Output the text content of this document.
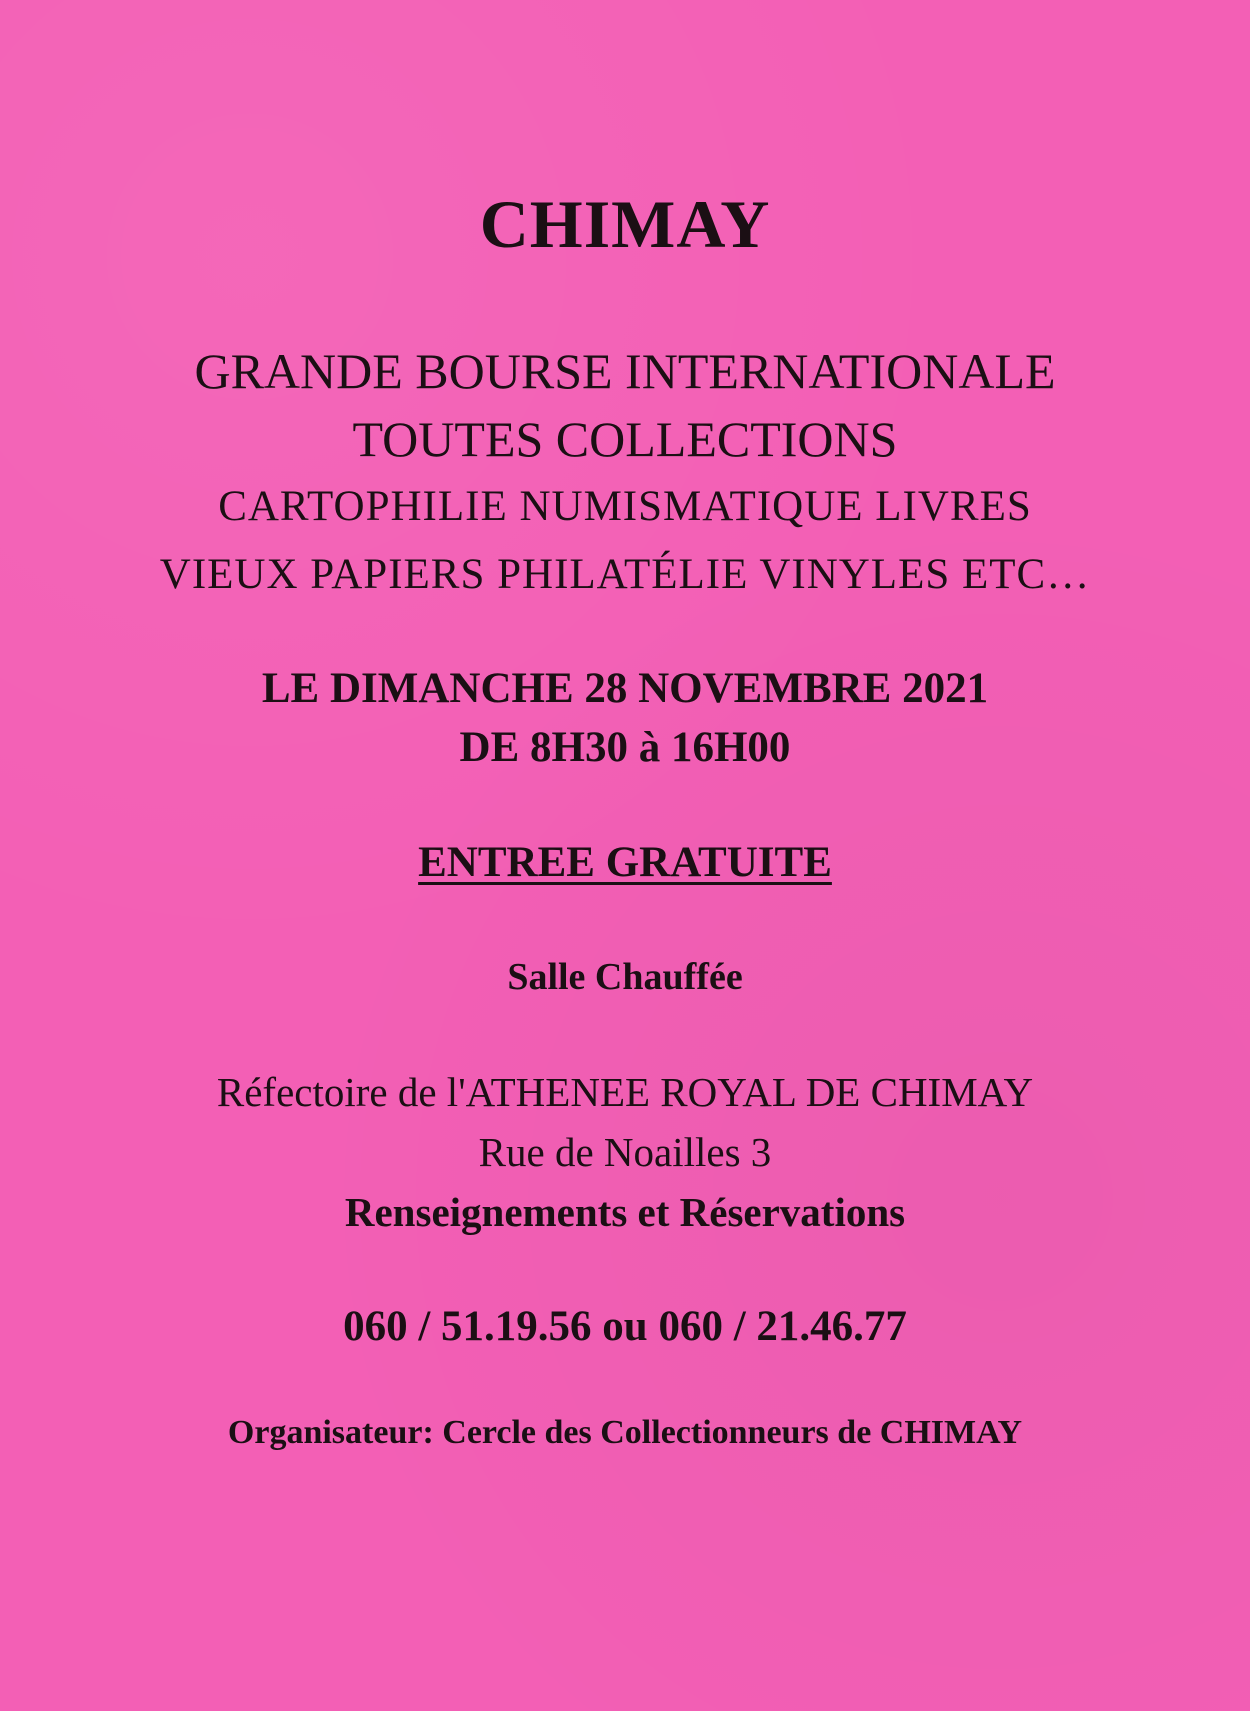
CHIMAY
GRANDE BOURSE INTERNATIONALE
TOUTES COLLECTIONS
CARTOPHILIE NUMISMATIQUE LIVRES
VIEUX PAPIERS PHILATÉLIE VINYLES ETC…
LE DIMANCHE 28 NOVEMBRE 2021
DE 8H30 à 16H00
ENTREE GRATUITE
Salle Chauffée
Réfectoire de l'ATHENEE ROYAL DE CHIMAY
Rue de Noailles 3
Renseignements et Réservations
060 / 51.19.56 ou 060 / 21.46.77
Organisateur: Cercle des Collectionneurs de CHIMAY
